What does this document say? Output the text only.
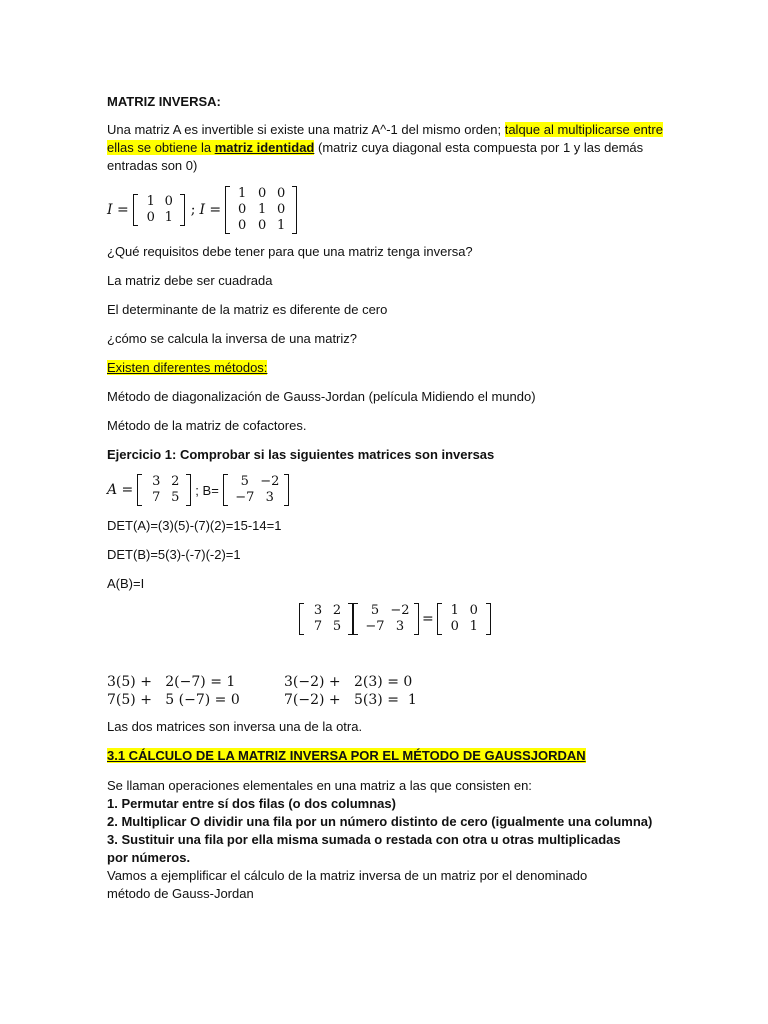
MATRIZ INVERSA:
Una matriz A es invertible si existe una matriz A^-1 del mismo orden; talque al multiplicarse entre ellas se obtiene la matriz identidad (matriz cuya diagonal esta compuesta por 1 y las demás entradas son 0)
I =
1 0
0 1 ; I =
1 0 0
0 1 0
0 0 1
¿Qué requisitos debe tener para que una matriz tenga inversa?
La matriz debe ser cuadrada
El determinante de la matriz es diferente de cero
¿cómo se calcula la inversa de una matriz?
Existen diferentes métodos:
Método de diagonalización de Gauss-Jordan (película Midiendo el mundo)
Método de la matriz de cofactores.
Ejercicio 1: Comprobar si las siguientes matrices son inversas
A =
3 2
7 5 ; B=
5 −2
−7 3
DET(A)=(3)(5)-(7)(2)=15-14=1
DET(B)=5(3)-(-7)(-2)=1
A(B)=I
3 2
7 5
5 −2
−7 3	=
1 0
0 1
3(5) +   2(−7) = 1
7(5) +   5 (−7) = 0
3(−2) +   2(3) = 0
7(−2) +   5(3) =  1
Las dos matrices son inversa una de la otra.
3.1 CÁLCULO DE LA MATRIZ INVERSA POR EL MÉTODO DE GAUSSJORDAN
Se llaman operaciones elementales en una matriz a las que consisten en:
1. Permutar entre sí dos filas (o dos columnas)
2. Multiplicar O dividir una fila por un número distinto de cero (igualmente una columna)
3. Sustituir una fila por ella misma sumada o restada con otra u otras multiplicadas por números.
Vamos a ejemplificar el cálculo de la matriz inversa de un matriz por el denominado método de Gauss-Jordan
